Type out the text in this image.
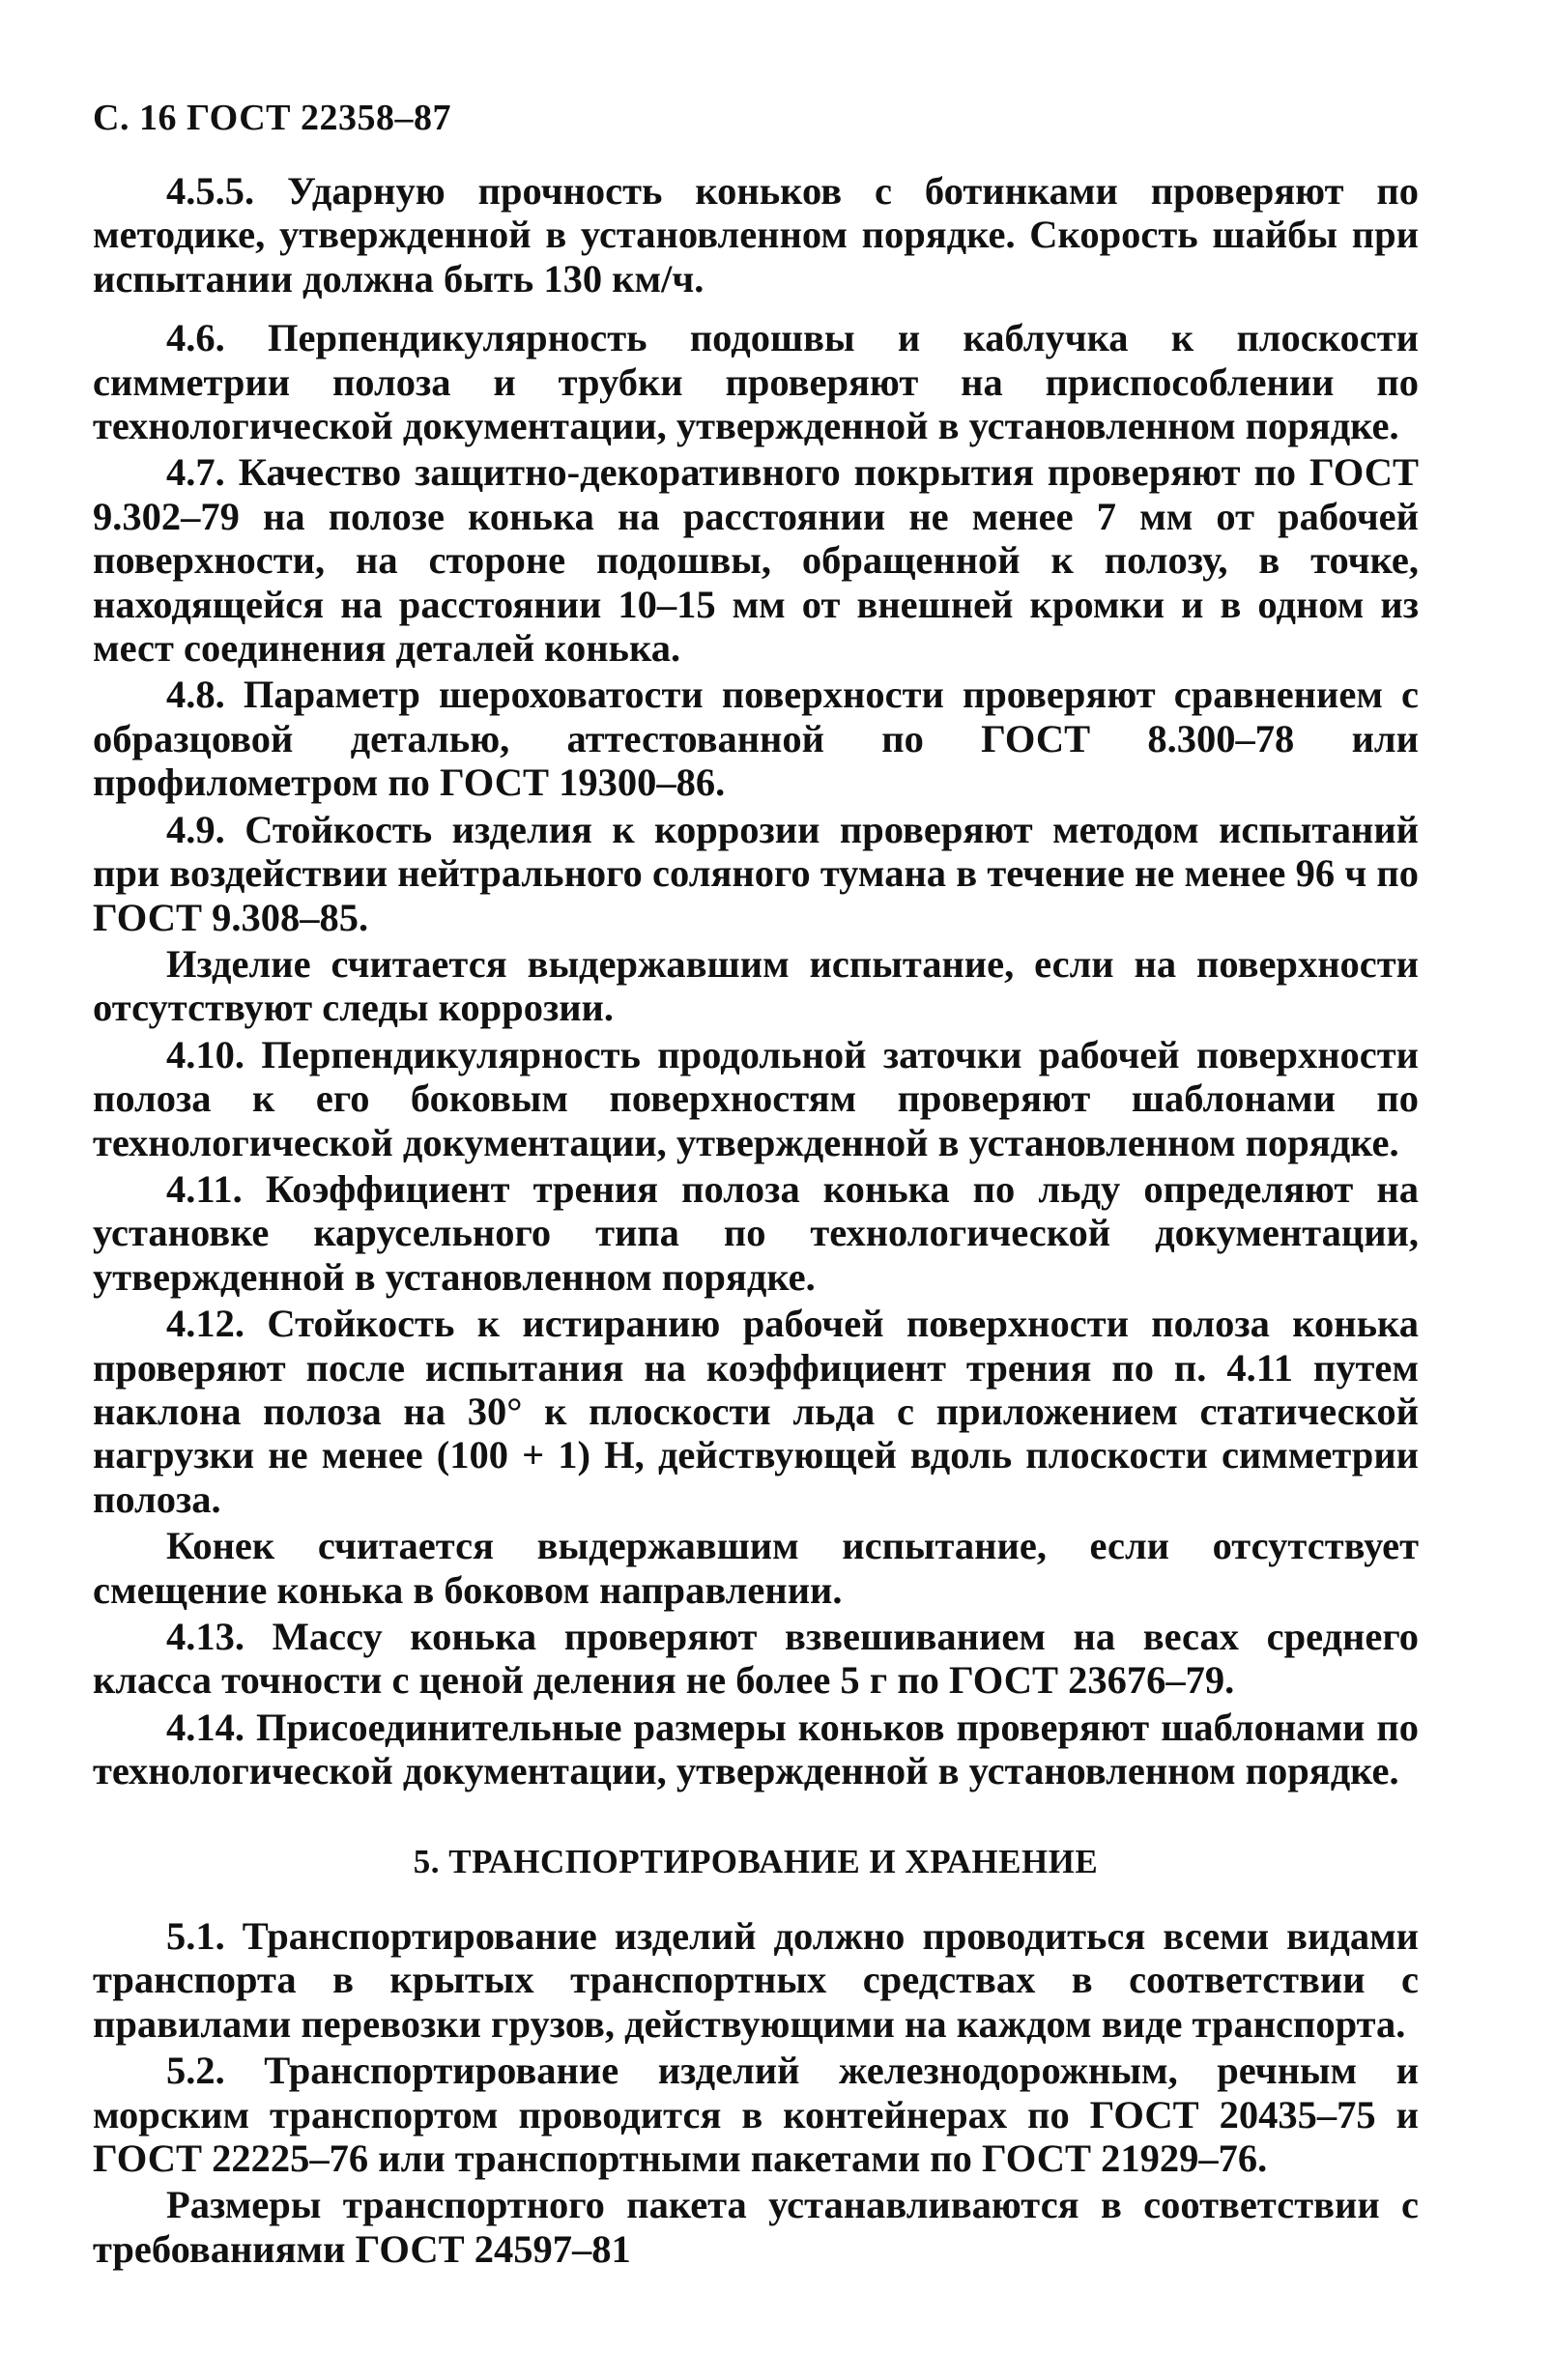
С. 16 ГОСТ 22358–87

4.5.5. Ударную прочность коньков с ботинками проверяют по методике, утвержденной в установленном порядке. Скорость шайбы при испытании должна быть 130 км/ч.

4.6. Перпендикулярность подошвы и каблучка к плоскости симметрии полоза и трубки проверяют на приспособлении по технологической документации, утвержденной в установленном порядке.

4.7. Качество защитно-декоративного покрытия проверяют по ГОСТ 9.302–79 на полозе конька на расстоянии не менее 7 мм от рабочей поверхности, на стороне подошвы, обращенной к полозу, в точке, находящейся на расстоянии 10–15 мм от внешней кромки и в одном из мест соединения деталей конька.

4.8. Параметр шероховатости поверхности проверяют сравнением с образцовой деталью, аттестованной по ГОСТ 8.300–78 или профилометром по ГОСТ 19300–86.

4.9. Стойкость изделия к коррозии проверяют методом испытаний при воздействии нейтрального соляного тумана в течение не менее 96 ч по ГОСТ 9.308–85.

Изделие считается выдержавшим испытание, если на поверхности отсутствуют следы коррозии.

4.10. Перпендикулярность продольной заточки рабочей поверхности полоза к его боковым поверхностям проверяют шаблонами по технологической документации, утвержденной в установленном порядке.

4.11. Коэффициент трения полоза конька по льду определяют на установке карусельного типа по технологической документации, утвержденной в установленном порядке.

4.12. Стойкость к истиранию рабочей поверхности полоза конька проверяют после испытания на коэффициент трения по п. 4.11 путем наклона полоза на 30° к плоскости льда с приложением статической нагрузки не менее (100 + 1) Н, действующей вдоль плоскости симметрии полоза.

Конек считается выдержавшим испытание, если отсутствует смещение конька в боковом направлении.

4.13. Массу конька проверяют взвешиванием на весах среднего класса точности с ценой деления не более 5 г по ГОСТ 23676–79.

4.14. Присоединительные размеры коньков проверяют шаблонами по технологической документации, утвержденной в установленном порядке.

5. ТРАНСПОРТИРОВАНИЕ И ХРАНЕНИЕ

5.1. Транспортирование изделий должно проводиться всеми видами транспорта в крытых транспортных средствах в соответствии с правилами перевозки грузов, действующими на каждом виде транспорта.

5.2. Транспортирование изделий железнодорожным, речным и морским транспортом проводится в контейнерах по ГОСТ 20435–75 и ГОСТ 22225–76 или транспортными пакетами по ГОСТ 21929–76.

Размеры транспортного пакета устанавливаются в соответствии с требованиями ГОСТ 24597–81
